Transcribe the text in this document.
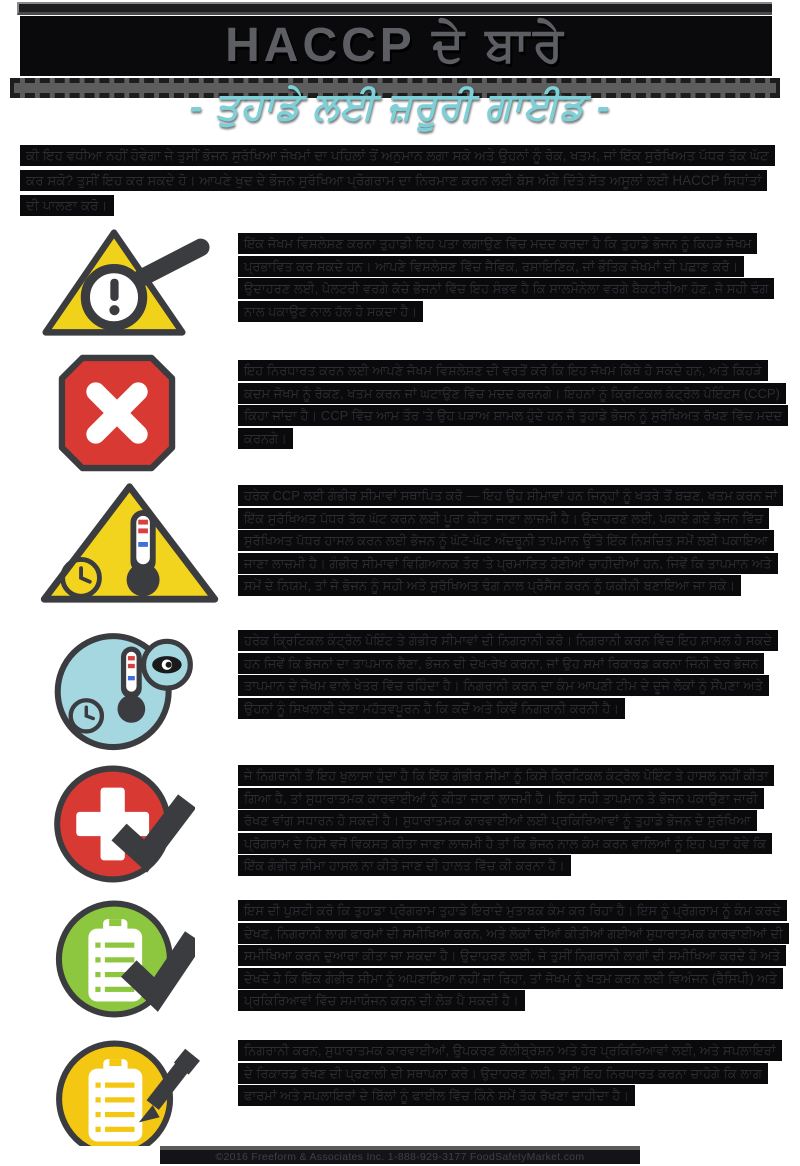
HACCP ਦੇ ਬਾਰੇ
- ਤੁਹਾਡੇ ਲਈ ਜ਼ਰੂਰੀ ਗਾਈਡ -

ਕੀ ਇਹ ਵਧੀਆ ਨਹੀਂ ਹੋਵੇਗਾ ਜੇ ਤੁਸੀਂ ਭੋਜਨ ਸੁਰੱਖਿਆ ਜੋਖਮਾਂ ਦਾ ਪਹਿਲਾਂ ਤੋਂ ਅਨੁਮਾਨ ਲਗਾ ਸਕੋ ਅਤੇ ਉਹਨਾਂ ਨੂੰ ਰੋਕ, ਖਤਮ, ਜਾਂ ਇੱਕ ਸੁਰੱਖਿਅਤ ਪੱਧਰ ਤੱਕ ਘੱਟ ਕਰ ਸਕੋ? ਤੁਸੀਂ ਇਹ ਕਰ ਸਕਦੇ ਹੋ। ਆਪਣੇ ਖੁਦ ਦੇ ਭੋਜਨ ਸੁਰੱਖਿਆ ਪ੍ਰੋਗਰਾਮ ਦਾ ਨਿਰਮਾਣ ਕਰਨ ਲਈ ਬੱਸ ਅੱਗੇ ਦਿੱਤੇ ਸੱਤ ਅਸੂਲਾਂ ਲਈ HACCP ਸਿਧਾਂਤਾਂ ਦੀ ਪਾਲਣਾ ਕਰੋ।

ਇੱਕ ਜੋਖਮ ਵਿਸ਼ਲੇਸ਼ਣ ਕਰਨਾ ਤੁਹਾਡੀ ਇਹ ਪਤਾ ਲਗਾਉਣ ਵਿੱਚ ਮਦਦ ਕਰਦਾ ਹੈ ਕਿ ਤੁਹਾਡੇ ਭੋਜਨ ਨੂੰ ਕਿਹੜੇ ਜੋਖਮ ਪ੍ਰਭਾਵਿਤ ਕਰ ਸਕਦੇ ਹਨ। ਆਪਣੇ ਵਿਸ਼ਲੇਸ਼ਣ ਵਿੱਚ ਜੈਵਿਕ, ਰਸਾਇਣਿਕ, ਜਾਂ ਭੌਤਿਕ ਜੋਖਮਾਂ ਦੀ ਪਛਾਣ ਕਰੋ। ਉਦਾਹਰਣ ਲਈ, ਪੋਲਟਰੀ ਵਰਗੇ ਕੱਚੇ ਭੋਜਨਾਂ ਵਿੱਚ ਇਹ ਸੰਭਵ ਹੈ ਕਿ ਸਾਲਮੋਨੇਲਾ ਵਰਗੇ ਬੈਕਟੀਰੀਆ ਹੋਣ, ਜੋ ਸਹੀ ਢੰਗ ਨਾਲ ਪਕਾਉਣ ਨਾਲ ਹੱਲ ਹੋ ਸਕਦਾ ਹੈ।
ਇਹ ਨਿਰਧਾਰਤ ਕਰਨ ਲਈ ਆਪਣੇ ਜੋਖਮ ਵਿਸ਼ਲੇਸ਼ਣ ਦੀ ਵਰਤੋਂ ਕਰੋ ਕਿ ਇਹ ਜੋਖਮ ਕਿੱਥੇ ਹੋ ਸਕਦੇ ਹਨ, ਅਤੇ ਕਿਹੜੇ ਕਦਮ ਜੋਖਮ ਨੂੰ ਰੋਕਣ, ਖਤਮ ਕਰਨ ਜਾਂ ਘਟਾਉਣ ਵਿੱਚ ਮਦਦ ਕਰਨਗੇ। ਇਹਨਾਂ ਨੂੰ ਕ੍ਰਿਟਿਕਲ ਕੰਟ੍ਰੋਲ ਪੋਇੰਟਸ (CCP) ਕਿਹਾ ਜਾਂਦਾ ਹੈ। CCP ਵਿੱਚ ਆਮ ਤੌਰ 'ਤੇ ਉਹ ਪੜਾਅ ਸ਼ਾਮਲ ਹੁੰਦੇ ਹਨ ਜੋ ਤੁਹਾਡੇ ਭੋਜਨ ਨੂੰ ਸੁਰੱਖਿਅਤ ਰੱਖਣ ਵਿੱਚ ਮਦਦ ਕਰਨਗੇ।
ਹਰੇਕ CCP ਲਈ ਗੰਭੀਰ ਸੀਮਾਵਾਂ ਸਥਾਪਿਤ ਕਰੋ — ਇਹ ਉਹ ਸੀਮਾਵਾਂ ਹਨ ਜਿਨ੍ਹਾਂ ਨੂੰ ਖਤਰੇ ਤੋਂ ਬਚਣ, ਖਤਮ ਕਰਨ ਜਾਂ ਇੱਕ ਸੁਰੱਖਿਅਤ ਪੱਧਰ ਤੱਕ ਘੱਟ ਕਰਨ ਲਈ ਪੂਰਾ ਕੀਤਾ ਜਾਣਾ ਲਾਜ਼ਮੀ ਹੈ। ਉਦਾਹਰਣ ਲਈ, ਪਕਾਏ ਗਏ ਭੋਜਨ ਵਿੱਚ ਸੁਰੱਖਿਅਤ ਪੱਧਰ ਹਾਸਲ ਕਰਨ ਲਈ ਭੋਜਨ ਨੂੰ ਘੱਟੋ-ਘੱਟ ਅੰਦਰੂਨੀ ਤਾਪਮਾਨ ਉੱਤੇ ਇੱਕ ਨਿਸ਼ਚਿਤ ਸਮੇਂ ਲਈ ਪਕਾਇਆ ਜਾਣਾ ਲਾਜ਼ਮੀ ਹੈ। ਗੰਭੀਰ ਸੀਮਾਵਾਂ ਵਿਗਿਆਨਕ ਤੌਰ 'ਤੇ ਪ੍ਰਮਾਣਿਤ ਹੋਣੀਆਂ ਚਾਹੀਦੀਆਂ ਹਨ, ਜਿਵੇਂ ਕਿ ਤਾਪਮਾਨ ਅਤੇ ਸਮੇਂ ਦੇ ਨਿਯਮ, ਤਾਂ ਜੋ ਭੋਜਨ ਨੂੰ ਸਹੀ ਅਤੇ ਸੁਰੱਖਿਅਤ ਢੰਗ ਨਾਲ ਪ੍ਰੋਸੈਸ ਕਰਨ ਨੂੰ ਯਕੀਨੀ ਬਣਾਇਆ ਜਾ ਸਕੇ।
ਹਰੇਕ ਕ੍ਰਿਟਿਕਲ ਕੰਟ੍ਰੋਲ ਪੋਇੰਟ ਤੇ ਗੰਭੀਰ ਸੀਮਾਵਾਂ ਦੀ ਨਿਗਰਾਨੀ ਕਰੋ। ਨਿਗਰਾਨੀ ਕਰਨ ਵਿੱਚ ਇਹ ਸ਼ਾਮਲ ਹੋ ਸਕਦੇ ਹਨ ਜਿਵੇਂ ਕਿ ਭੋਜਨਾਂ ਦਾ ਤਾਪਮਾਨ ਲੈਣਾ, ਭੋਜਨ ਦੀ ਦੇਖ-ਰੇਖ ਕਰਨਾ, ਜਾਂ ਉਹ ਸਮਾਂ ਰਿਕਾਰਡ ਕਰਨਾ ਜਿੰਨੀ ਦੇਰ ਭੋਜਨ ਤਾਪਮਾਨ ਦੇ ਜੋਖਮ ਵਾਲੇ ਖੇਤਰ ਵਿੱਚ ਰਹਿੰਦਾ ਹੈ। ਨਿਗਰਾਨੀ ਕਰਨ ਦਾ ਕੰਮ ਆਪਣੀ ਟੀਮ ਦੇ ਦੂਜੇ ਲੋਕਾਂ ਨੂੰ ਸੌਂਪਣਾ ਅਤੇ ਉਹਨਾਂ ਨੂੰ ਸਿਖਲਾਈ ਦੇਣਾ ਮਹੱਤਵਪੂਰਨ ਹੈ ਕਿ ਕਦੋਂ ਅਤੇ ਕਿਵੇਂ ਨਿਗਰਾਨੀ ਕਰਨੀ ਹੈ।
ਜੇ ਨਿਗਰਾਨੀ ਤੋਂ ਇਹ ਖੁਲਾਸਾ ਹੁੰਦਾ ਹੈ ਕਿ ਇੱਕ ਗੰਭੀਰ ਸੀਮਾ ਨੂੰ ਕਿਸੇ ਕ੍ਰਿਟਿਕਲ ਕੰਟ੍ਰੋਲ ਪੋਇੰਟ ਤੇ ਹਾਸਲ ਨਹੀਂ ਕੀਤਾ ਗਿਆ ਹੈ, ਤਾਂ ਸੁਧਾਰਾਤਮਕ ਕਾਰਵਾਈਆਂ ਨੂੰ ਕੀਤਾ ਜਾਣਾ ਲਾਜ਼ਮੀ ਹੈ। ਇਹ ਸਹੀ ਤਾਪਮਾਨ ਤੇ ਭੋਜਨ ਪਕਾਉਣਾ ਜਾਰੀ ਰੱਖਣ ਵਾਂਗ ਸਧਾਰਨ ਹੋ ਸਕਦੀ ਹੈ। ਸੁਧਾਰਾਤਮਕ ਕਾਰਵਾਈਆਂ ਲਈ ਪ੍ਰਕਿਰਿਆਵਾਂ ਨੂੰ ਤੁਹਾਡੇ ਭੋਜਨ ਦੇ ਸੁਰੱਖਿਆ ਪ੍ਰੋਗਰਾਮ ਦੇ ਹਿੱਸੇ ਵਜੋਂ ਵਿਕਸਤ ਕੀਤਾ ਜਾਣਾ ਲਾਜ਼ਮੀ ਹੈ ਤਾਂ ਕਿ ਭੋਜਨ ਨਾਲ ਕੰਮ ਕਰਨ ਵਾਲਿਆਂ ਨੂੰ ਇਹ ਪਤਾ ਹੋਵੇ ਕਿ ਇੱਕ ਗੰਭੀਰ ਸੀਮਾ ਹਾਸਲ ਨਾ ਕੀਤੇ ਜਾਣ ਦੀ ਹਾਲਤ ਵਿੱਚ ਕੀ ਕਰਨਾ ਹੈ।
ਇਸ ਦੀ ਪੁਸ਼ਟੀ ਕਰੋ ਕਿ ਤੁਹਾਡਾ ਪ੍ਰੋਗਰਾਮ ਤੁਹਾਡੇ ਇਰਾਦੇ ਮੁਤਾਬਕ ਕੰਮ ਕਰ ਰਿਹਾ ਹੈ। ਇਸ ਨੂੰ ਪ੍ਰੋਗਰਾਮ ਨੂੰ ਕੰਮ ਕਰਦੇ ਦੇਖਣ, ਨਿਗਰਾਨੀ ਲਾਗ ਫਾਰਮਾਂ ਦੀ ਸਮੀਖਿਆ ਕਰਨ, ਅਤੇ ਲੋਕਾਂ ਦੀਆਂ ਕੀਤੀਆਂ ਗਈਆਂ ਸੁਧਾਰਾਤਮਕ ਕਾਰਵਾਈਆਂ ਦੀ ਸਮੀਖਿਆ ਕਰਨ ਦੁਆਰਾ ਕੀਤਾ ਜਾ ਸਕਦਾ ਹੈ। ਉਦਾਹਰਣ ਲਈ, ਜੇ ਤੁਸੀਂ ਨਿਗਰਾਨੀ ਲਾਗਾਂ ਦੀ ਸਮੀਖਿਆ ਕਰਦੇ ਹੋ ਅਤੇ ਦੇਖਦੇ ਹੋ ਕਿ ਇੱਕ ਗੰਭੀਰ ਸੀਮਾ ਨੂੰ ਅਪਣਾਇਆ ਨਹੀਂ ਜਾ ਰਿਹਾ, ਤਾਂ ਜੋਖਮ ਨੂੰ ਖਤਮ ਕਰਨ ਲਈ ਵਿਅੰਜਨ (ਰੈਸਿਪੀ) ਅਤੇ ਪ੍ਰਕਿਰਿਆਵਾਂ ਵਿੱਚ ਸਮਾਯੋਜਨ ਕਰਨ ਦੀ ਲੋੜ ਪੈ ਸਕਦੀ ਹੈ।
ਨਿਗਰਾਨੀ ਕਰਨ, ਸੁਧਾਰਾਤਮਕ ਕਾਰਵਾਈਆਂ, ਉਪਕਰਣ ਕੈਲੀਬ੍ਰੇਸ਼ਨ ਅਤੇ ਹੋਰ ਪ੍ਰਕਿਰਿਆਵਾਂ ਲਈ, ਅਤੇ ਸਪਲਾਇਰਾਂ ਦੇ ਰਿਕਾਰਡ ਰੱਖਣ ਦੀ ਪ੍ਰਣਾਲੀ ਦੀ ਸਥਾਪਨਾ ਕਰੋ। ਉਦਾਹਰਣ ਲਈ, ਤੁਸੀਂ ਇਹ ਨਿਰਧਾਰਤ ਕਰਨਾ ਚਾਹੋਗੇ ਕਿ ਲਾਗ ਫਾਰਮਾਂ ਅਤੇ ਸਪਲਾਇਰਾਂ ਦੇ ਬਿੱਲਾਂ ਨੂੰ ਫਾਈਲ ਵਿੱਚ ਕਿੰਨੇ ਸਮੇਂ ਤੱਕ ਰੱਖਣਾ ਚਾਹੀਦਾ ਹੈ।
©2016 Freeform & Associates Inc. 1-888-929-3177 FoodSafetyMarket.com
